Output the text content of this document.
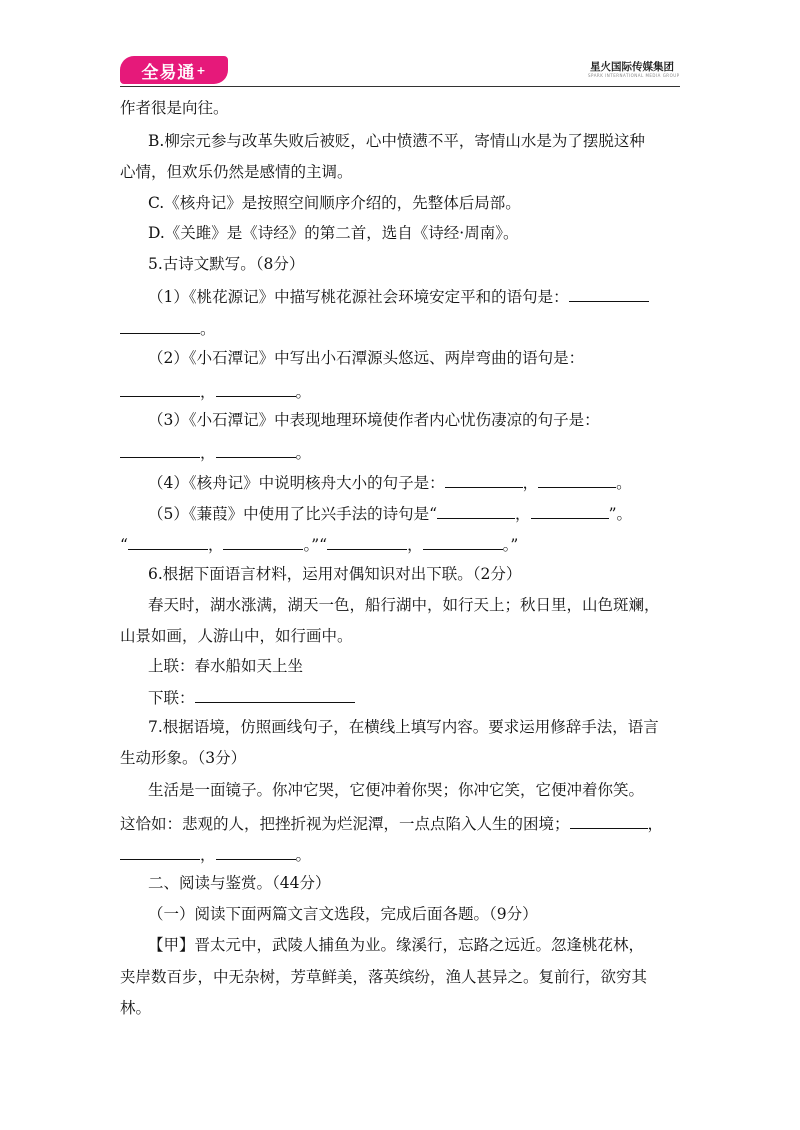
全易通 +	星火国际传媒集团
SPARK INTERNATIONAL MEDIA GROUP
作者很是向往。
B.柳宗元参与改革失败后被贬，心中愤懑不平，寄情山水是为了摆脱这种
心情，但欢乐仍然是感情的主调。
C.《核舟记》是按照空间顺序介绍的，先整体后局部。
D.《关雎》是《诗经》的第二首，选自《诗经·周南》。
5.古诗文默写。（8分）
（1）《桃花源记》中描写桃花源社会环境安定平和的语句是：
。
（2）《小石潭记》中写出小石潭源头悠远、两岸弯曲的语句是：
，	。
（3）《小石潭记》中表现地理环境使作者内心忧伤凄凉的句子是：
，	。
（4）《核舟记》中说明核舟大小的句子是：	，	。
（5）《蒹葭》中使用了比兴手法的诗句是“	，	”。
“	，	。”“	，	。”
6.根据下面语言材料，运用对偶知识对出下联。（2分）
春天时，湖水涨满，湖天一色，船行湖中，如行天上；秋日里，山色斑斓，
山景如画，人游山中，如行画中。
上联：春水船如天上坐
下联：
7.根据语境，仿照画线句子，在横线上填写内容。要求运用修辞手法，语言
生动形象。（3分）
生活是一面镜子。你冲它哭，它便冲着你哭；你冲它笑，它便冲着你笑。
这恰如：悲观的人，把挫折视为烂泥潭，一点点陷入人生的困境；	，
，	。
二、阅读与鉴赏。（44分）
（一）阅读下面两篇文言文选段，完成后面各题。（9分）
【甲】晋太元中，武陵人捕鱼为业。缘溪行，忘路之远近。忽逢桃花林，
夹岸数百步，中无杂树，芳草鲜美，落英缤纷，渔人甚异之。复前行，欲穷其
林。
